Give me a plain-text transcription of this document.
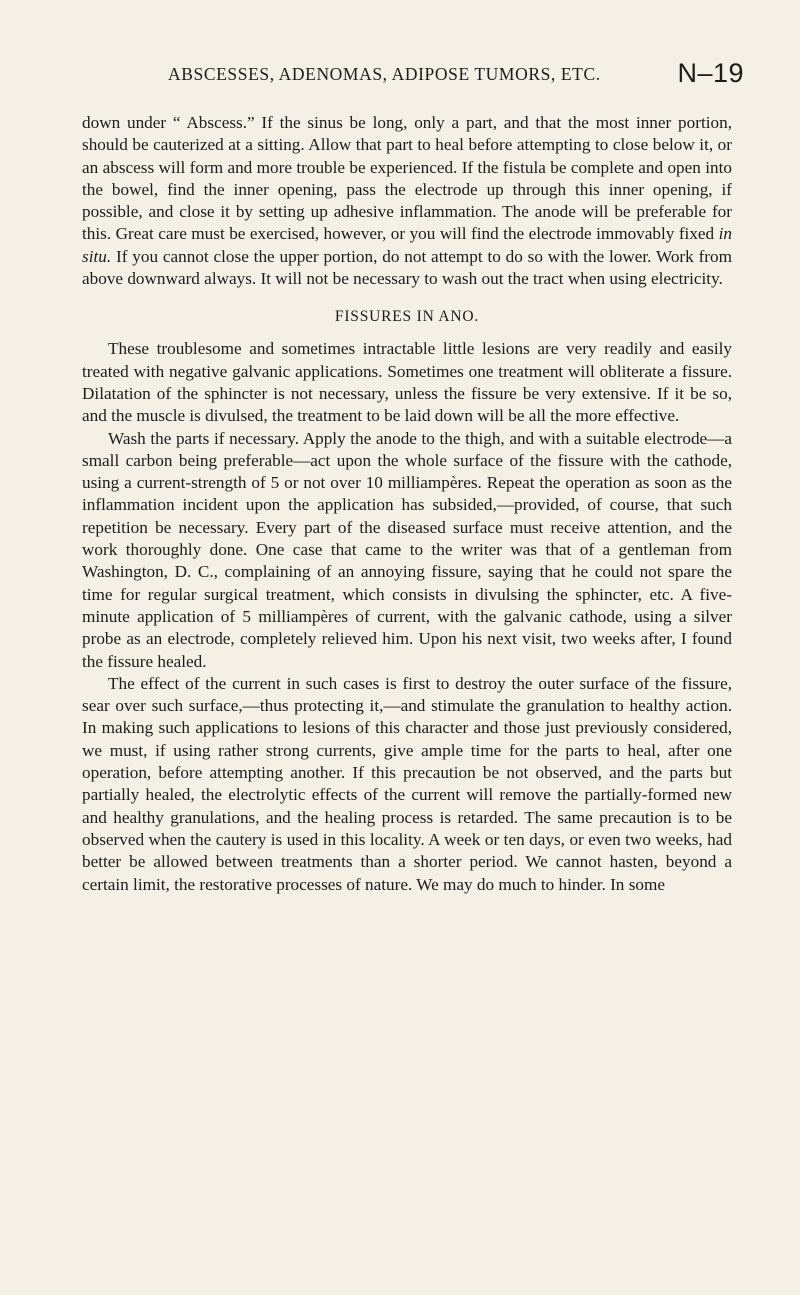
ABSCESSES, ADENOMAS, ADIPOSE TUMORS, ETC.	N–19

down under “ Abscess.” If the sinus be long, only a part, and that the most inner portion, should be cauterized at a sitting. Allow that part to heal before attempting to close below it, or an abscess will form and more trouble be experienced. If the fistula be complete and open into the bowel, find the inner opening, pass the electrode up through this inner opening, if possible, and close it by setting up adhesive inflammation. The anode will be preferable for this. Great care must be exercised, however, or you will find the electrode immovably fixed in situ. If you cannot close the upper portion, do not attempt to do so with the lower. Work from above downward always. It will not be necessary to wash out the tract when using electricity.

FISSURES IN ANO.

These troublesome and sometimes intractable little lesions are very readily and easily treated with negative galvanic applications. Sometimes one treatment will obliterate a fissure. Dilatation of the sphincter is not necessary, unless the fissure be very extensive. If it be so, and the muscle is divulsed, the treatment to be laid down will be all the more effective.

Wash the parts if necessary. Apply the anode to the thigh, and with a suitable electrode—a small carbon being preferable—act upon the whole surface of the fissure with the cathode, using a current-strength of 5 or not over 10 milliampères. Repeat the operation as soon as the inflammation incident upon the application has subsided,—provided, of course, that such repetition be necessary. Every part of the diseased surface must receive attention, and the work thoroughly done. One case that came to the writer was that of a gentleman from Washington, D. C., complaining of an annoying fissure, saying that he could not spare the time for regular surgical treatment, which consists in divulsing the sphincter, etc. A five-minute application of 5 milliampères of current, with the galvanic cathode, using a silver probe as an electrode, completely relieved him. Upon his next visit, two weeks after, I found the fissure healed.

The effect of the current in such cases is first to destroy the outer surface of the fissure, sear over such surface,—thus protecting it,—and stimulate the granulation to healthy action. In making such applications to lesions of this character and those just previously considered, we must, if using rather strong currents, give ample time for the parts to heal, after one operation, before attempting another. If this precaution be not observed, and the parts but partially healed, the electrolytic effects of the current will remove the partially-formed new and healthy granulations, and the healing process is retarded. The same precaution is to be observed when the cautery is used in this locality. A week or ten days, or even two weeks, had better be allowed between treatments than a shorter period. We cannot hasten, beyond a certain limit, the restorative processes of nature. We may do much to hinder. In some
